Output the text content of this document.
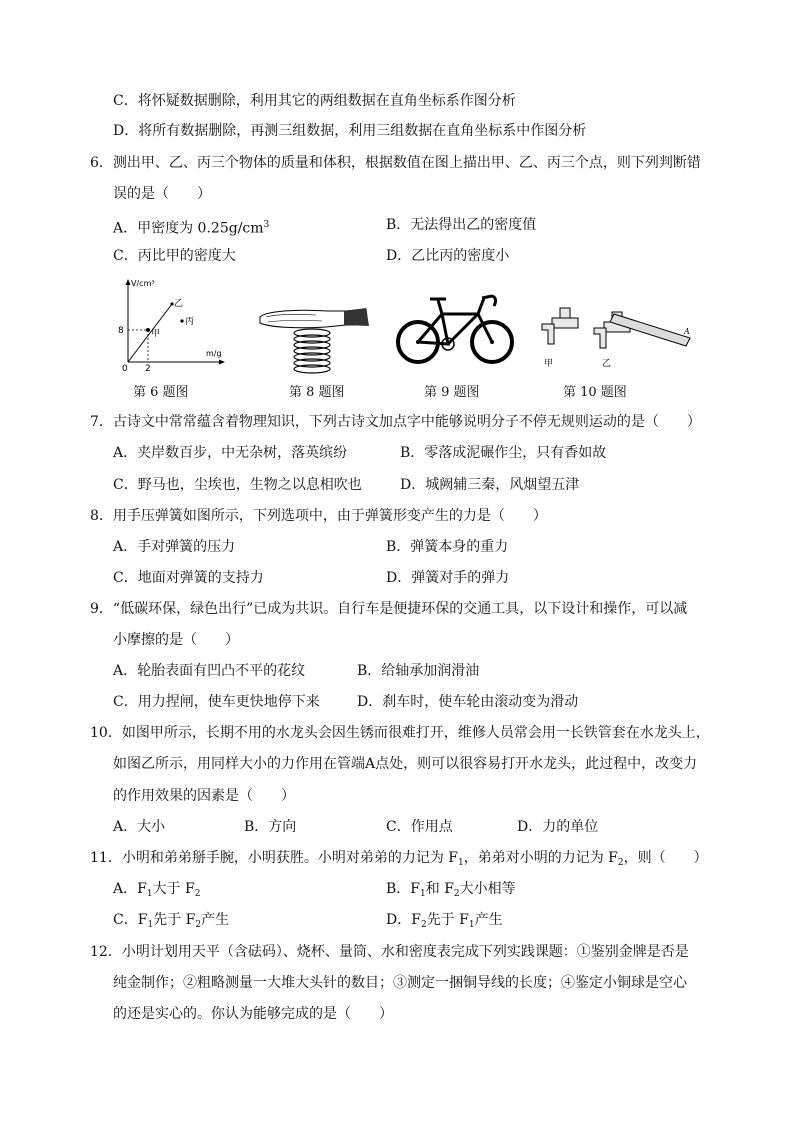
C．将怀疑数据删除，利用其它的两组数据在直角坐标系作图分析
D．将所有数据删除，再测三组数据，利用三组数据在直角坐标系中作图分析
6．测出甲、乙、丙三个物体的质量和体积，根据数值在图上描出甲、乙、丙三个点，则下列判断错
误的是（　　）
A．甲密度为 $0.25g/cm^3$	B．无法得出乙的密度值
C．丙比甲的密度大	D．乙比丙的密度小
V/cm³
m/g
8
2
0
甲
乙
丙
A
甲	乙
第 6 题图	第 8 题图	第 9 题图	第 10 题图
7．古诗文中常常蕴含着物理知识，下列古诗文加点字中能够说明分子不停无规则运动的是（　　）
A．夹岸数百步，中无杂树，落英缤纷	B．零落成泥碾作尘，只有香如故
C．野马也，尘埃也，生物之以息相吹也	D．城阙辅三秦，风烟望五津
8．用手压弹簧如图所示，下列选项中，由于弹簧形变产生的力是（　　）
A．手对弹簧的压力	B．弹簧本身的重力
C．地面对弹簧的支持力	D．弹簧对手的弹力
9．“低碳环保，绿色出行”已成为共识。自行车是便捷环保的交通工具，以下设计和操作，可以减
小摩擦的是（　　）
A．轮胎表面有凹凸不平的花纹	B．给轴承加润滑油
C．用力捏闸，使车更快地停下来	D．刹车时，使车轮由滚动变为滑动
10．如图甲所示，长期不用的水龙头会因生锈而很难打开，维修人员常会用一长铁管套在水龙头上，
如图乙所示，用同样大小的力作用在管端A点处，则可以很容易打开水龙头，此过程中，改变力
的作用效果的因素是（　　）
A．大小	B．方向	C．作用点	D．力的单位
11．小明和弟弟掰手腕，小明获胜。小明对弟弟的力记为 $F_1$，弟弟对小明的力记为 $F_2$，则（　　）
A．$F_1$大于 $F_2$	B．$F_1$和 $F_2$大小相等
C．$F_1$先于 $F_2$产生	D．$F_2$先于 $F_1$产生
12．小明计划用天平（含砝码）、烧杯、量筒、水和密度表完成下列实践课题：①鉴别金牌是否是
纯金制作；②粗略测量一大堆大头针的数目；③测定一捆铜导线的长度；④鉴定小铜球是空心
的还是实心的。你认为能够完成的是（　　）
